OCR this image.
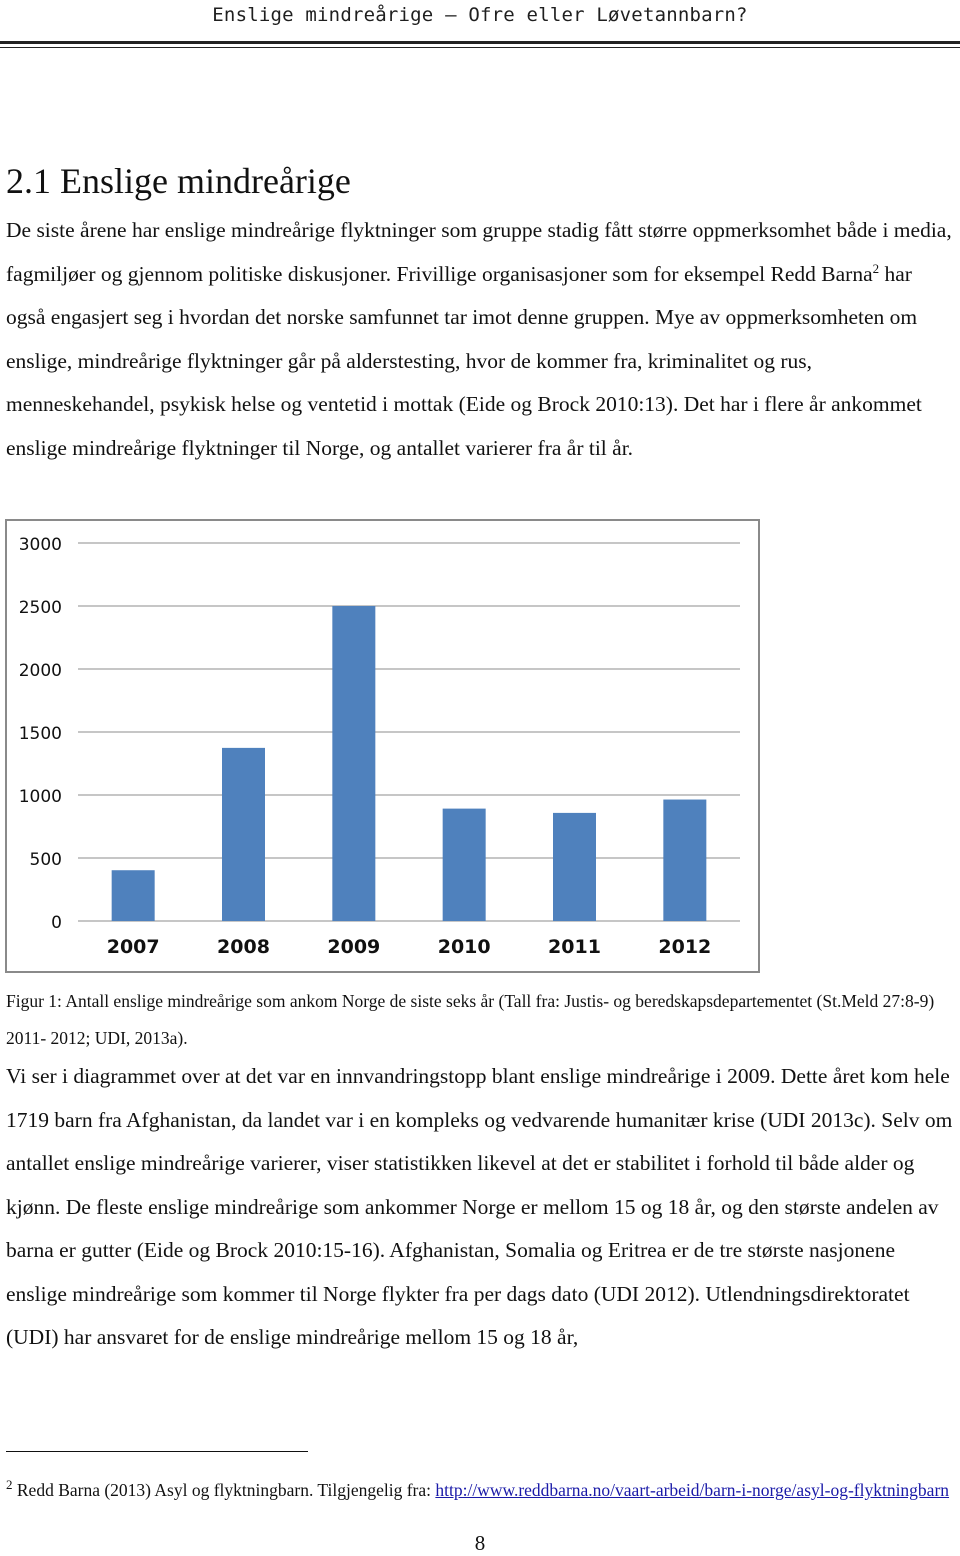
Enslige mindreårige – Ofre eller Løvetannbarn?
2.1 Enslige mindreårige

De siste årene har enslige mindreårige flyktninger som gruppe stadig fått større oppmerksomhet både i media, fagmiljøer og gjennom politiske diskusjoner. Frivillige organisasjoner som for eksempel Redd Barna$^2$ har også engasjert seg i hvordan det norske samfunnet tar imot denne gruppen. Mye av oppmerksomheten om enslige, mindreårige flyktninger går på alderstesting, hvor de kommer fra, kriminalitet og rus, menneskehandel, psykisk helse og ventetid i mottak (Eide og Brock 2010:13). Det har i flere år ankommet enslige mindreårige flyktninger til Norge, og antallet varierer fra år til år.

0
500
1000
1500
2000
2500
3000
2007	2008	2009	2010	2011	2012

Figur 1: Antall enslige mindreårige som ankom Norge de siste seks år (Tall fra: Justis- og beredskapsdepartementet (St.Meld 27:8-9) 2011- 2012; UDI, 2013a).

Vi ser i diagrammet over at det var en innvandringstopp blant enslige mindreårige i 2009. Dette året kom hele 1719 barn fra Afghanistan, da landet var i en kompleks og vedvarende humanitær krise (UDI 2013c). Selv om antallet enslige mindreårige varierer, viser statistikken likevel at det er stabilitet i forhold til både alder og kjønn. De fleste enslige mindreårige som ankommer Norge er mellom 15 og 18 år, og den største andelen av barna er gutter (Eide og Brock 2010:15-16). Afghanistan, Somalia og Eritrea er de tre største nasjonene enslige mindreårige som kommer til Norge flykter fra per dags dato (UDI 2012). Utlendningsdirektoratet (UDI) har ansvaret for de enslige mindreårige mellom 15 og 18 år,

$^2$ Redd Barna (2013) Asyl og flyktningbarn. Tilgjengelig fra: http://www.reddbarna.no/vaart-arbeid/barn-i-norge/asyl-og-flyktningbarn

8
